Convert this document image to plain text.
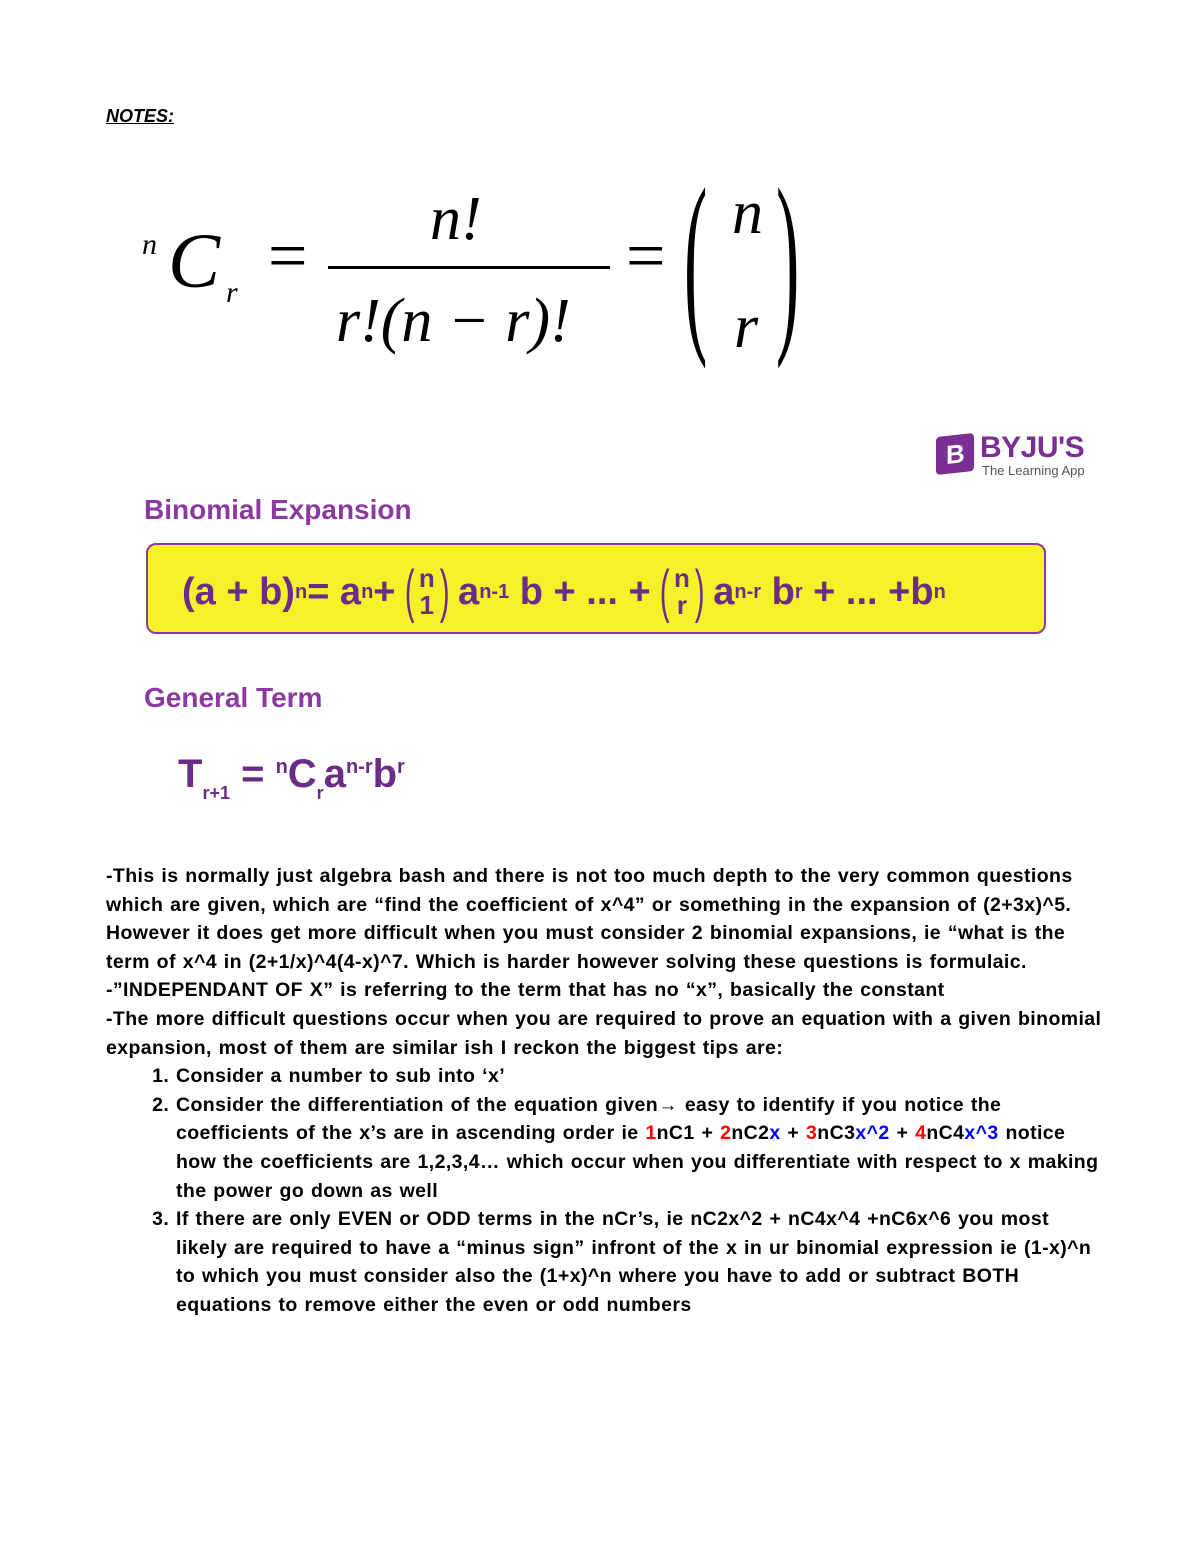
NOTES:
n C r = n!
r!(n − r)!
= ( n
r )
B BYJU'S
The Learning App
Binomial Expansion
(a + b) n = a n + ( n
1 ) a n-1 b + ... + ( n
r ) a n-r b r + ... +b n
General Term
$T_{r+1} = ^nC_ra^{n-r}b^r$

-This is normally just algebra bash and there is not too much depth to the very common questions which are given, which are “find the coefficient of x^4” or something in the expansion of (2+3x)^5. However it does get more difficult when you must consider 2 binomial expansions, ie “what is the term of x^4 in (2+1/x)^4(4-x)^7. Which is harder however solving these questions is formulaic.

-”INDEPENDANT OF X” is referring to the term that has no “x”, basically the constant

-The more difficult questions occur when you are required to prove an equation with a given binomial expansion, most of them are similar ish I reckon the biggest tips are:

1. Consider a number to sub into ‘x’
2. Consider the differentiation of the equation given→ easy to identify if you notice the coefficients of the x’s are in ascending order ie 1nC1 + 2nC2x + 3nC3x^2 + 4nC4x^3 notice how the coefficients are 1,2,3,4… which occur when you differentiate with respect to x making the power go down as well
3. If there are only EVEN or ODD terms in the nCr’s, ie nC2x^2 + nC4x^4 +nC6x^6 you most likely are required to have a “minus sign” infront of the x in ur binomial expression ie (1-x)^n to which you must consider also the (1+x)^n where you have to add or subtract BOTH equations to remove either the even or odd numbers
